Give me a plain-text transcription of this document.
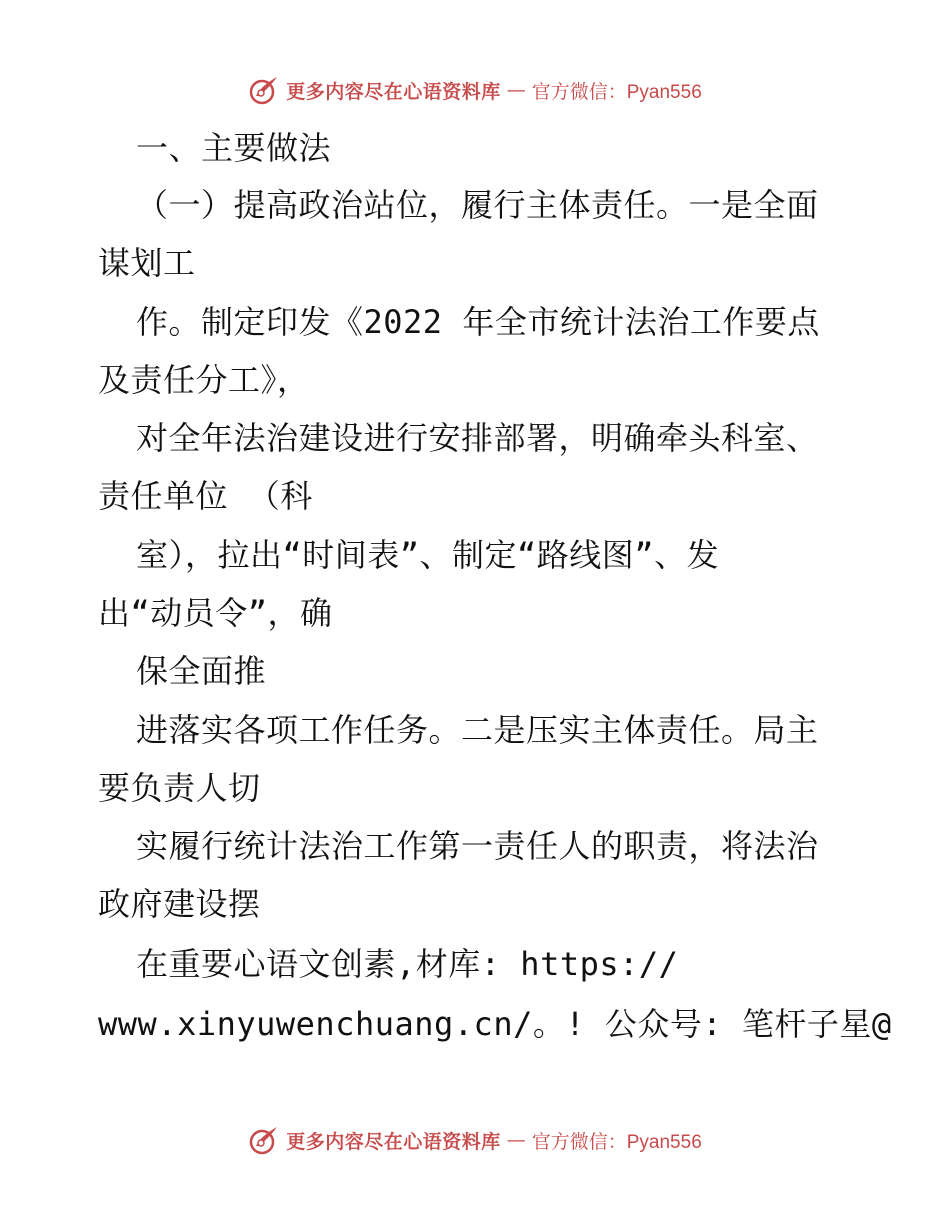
更多内容尽在心语资料库 — 官方微信：Pyan556
一、主要做法
（一）提高政治站位，履行主体责任。一是全面
谋划工
作。制定印发《2022 年全市统计法治工作要点
及责任分工》，
对全年法治建设进行安排部署，明确牵头科室、
责任单位 （科
室），拉出“时间表”、制定“路线图”、发
出“动员令”，确
保全面推
进落实各项工作任务。二是压实主体责任。局主
要负责人切
实履行统计法治工作第一责任人的职责，将法治
政府建设摆
在重要心语文创素,材库: https://
www.xinyuwenchuang.cn/。! 公众号: 笔杆子星@
更多内容尽在心语资料库 — 官方微信：Pyan556
